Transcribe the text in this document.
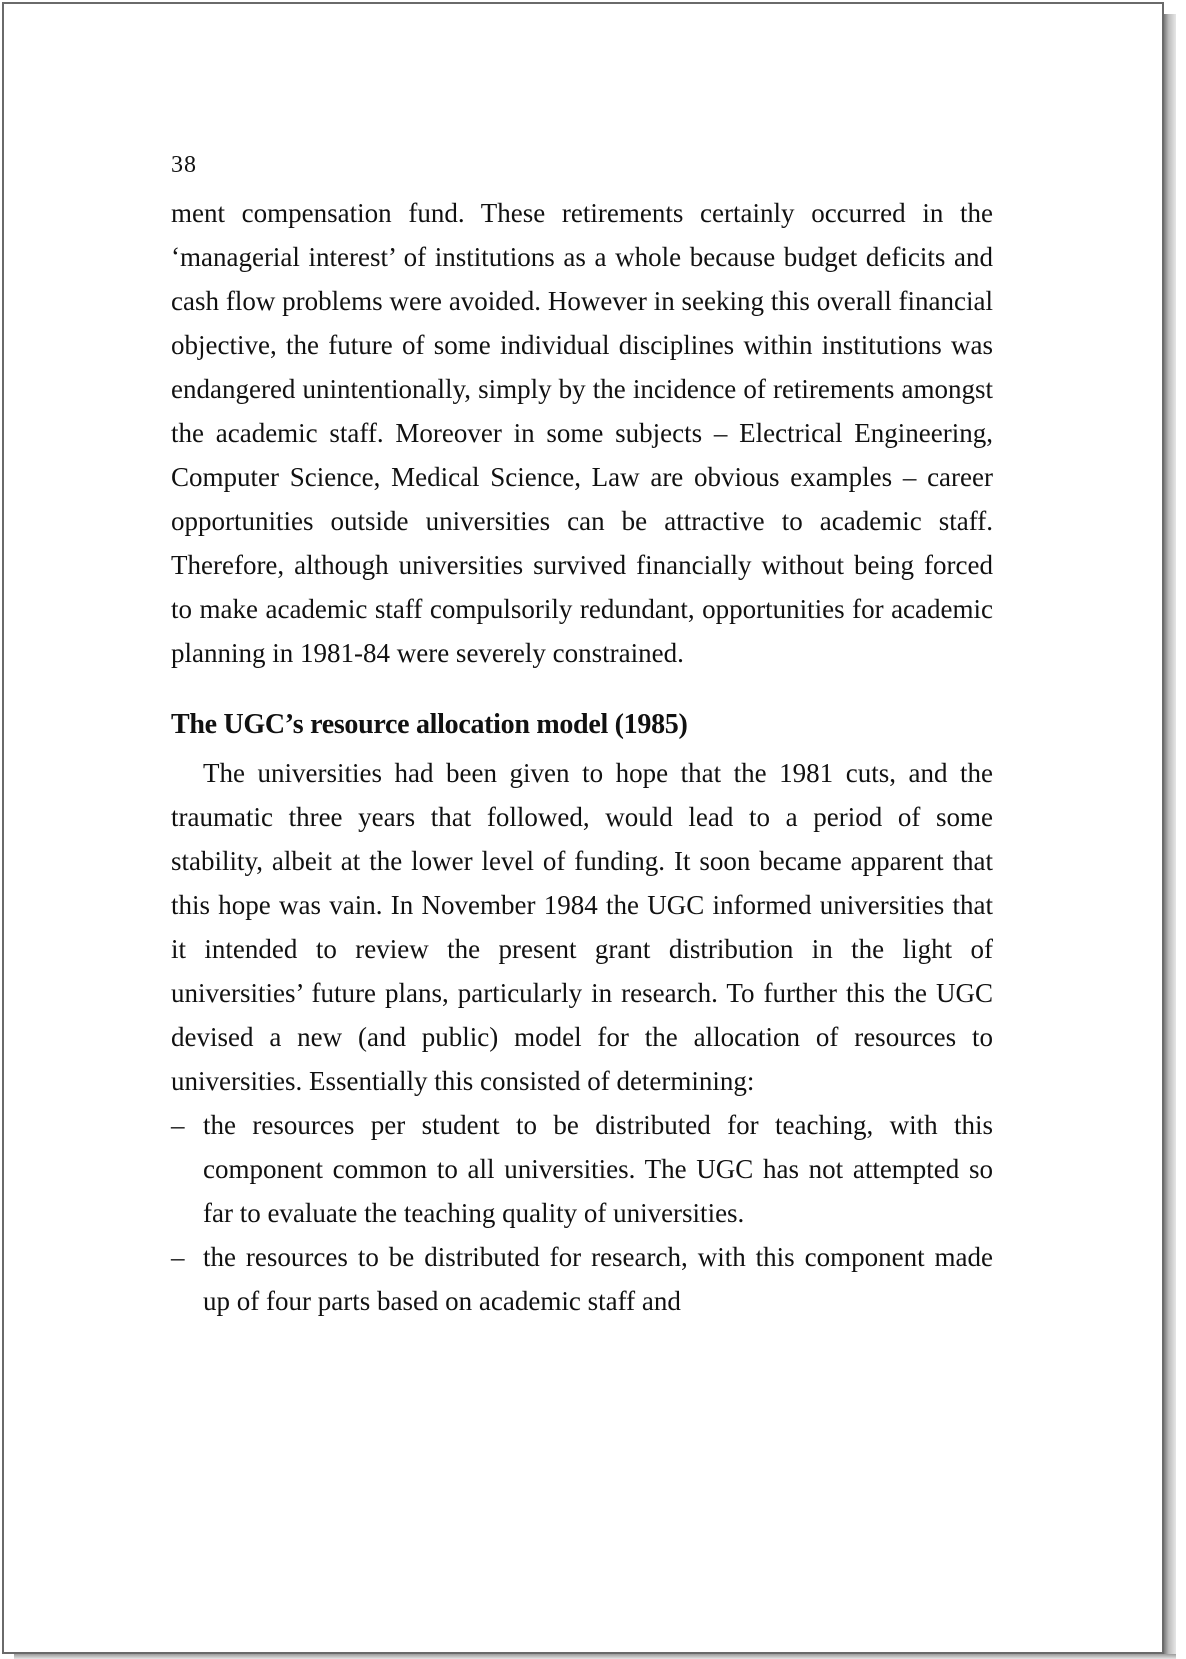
38

ment compensation fund. These retirements certainly occurred in the ‘managerial interest’ of institutions as a whole because budget deficits and cash flow problems were avoided. However in seeking this overall financial objective, the future of some individual disciplines within institutions was endangered unintentionally, simply by the incidence of retirements amongst the academic staff. Moreover in some subjects – Electrical Engineering, Computer Science, Medical Science, Law are obvious examples – career opportunities outside universities can be attractive to academic staff. Therefore, although universities survived financially without being forced to make academic staff compulsorily redundant, opportunities for academic planning in 1981-84 were severely constrained.

The UGC’s resource allocation model (1985)

The universities had been given to hope that the 1981 cuts, and the traumatic three years that followed, would lead to a period of some stability, albeit at the lower level of funding. It soon became apparent that this hope was vain. In November 1984 the UGC informed universities that it intended to review the present grant distribution in the light of universities’ future plans, particularly in research. To further this the UGC devised a new (and public) model for the allocation of resources to universities. Essentially this consisted of determining:

– the resources per student to be distributed for teaching, with this component common to all universities. The UGC has not attempted so far to evaluate the teaching quality of universities.
– the resources to be distributed for research, with this component made up of four parts based on academic staff and
